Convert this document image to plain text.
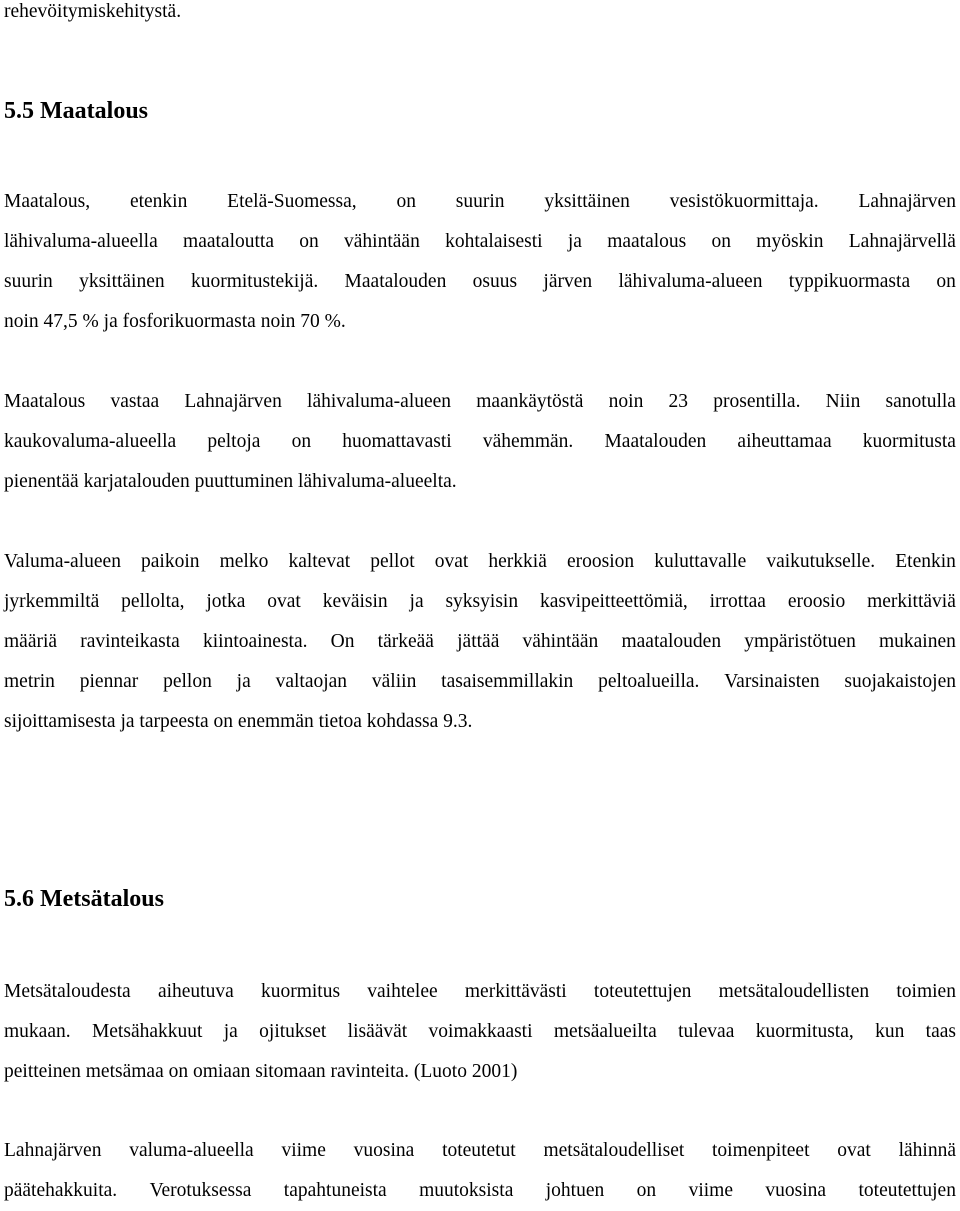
rehevöitymiskehitystä.
5.5 Maatalous
Maatalous, etenkin Etelä-Suomessa, on suurin yksittäinen vesistökuormittaja. Lahnajärven
lähivaluma-alueella maataloutta on vähintään kohtalaisesti ja maatalous on myöskin Lahnajärvellä
suurin yksittäinen kuormitustekijä. Maatalouden osuus järven lähivaluma-alueen typpikuormasta on
noin 47,5 % ja fosforikuormasta noin 70 %.
Maatalous vastaa Lahnajärven lähivaluma-alueen maankäytöstä noin 23 prosentilla. Niin sanotulla
kaukovaluma-alueella peltoja on huomattavasti vähemmän. Maatalouden aiheuttamaa kuormitusta
pienentää karjatalouden puuttuminen lähivaluma-alueelta.
Valuma-alueen paikoin melko kaltevat pellot ovat herkkiä eroosion kuluttavalle vaikutukselle. Etenkin
jyrkemmiltä pellolta, jotka ovat keväisin ja syksyisin kasvipeitteettömiä, irrottaa eroosio merkittäviä
määriä ravinteikasta kiintoainesta. On tärkeää jättää vähintään maatalouden ympäristötuen mukainen
metrin piennar pellon ja valtaojan väliin tasaisemmillakin peltoalueilla. Varsinaisten suojakaistojen
sijoittamisesta ja tarpeesta on enemmän tietoa kohdassa 9.3.
5.6 Metsätalous
Metsätaloudesta aiheutuva kuormitus vaihtelee merkittävästi toteutettujen metsätaloudellisten toimien
mukaan. Metsähakkuut ja ojitukset lisäävät voimakkaasti metsäalueilta tulevaa kuormitusta, kun taas
peitteinen metsämaa on omiaan sitomaan ravinteita. (Luoto 2001)
Lahnajärven valuma-alueella viime vuosina toteutetut metsätaloudelliset toimenpiteet ovat lähinnä
päätehakkuita. Verotuksessa tapahtuneista muutoksista johtuen on viime vuosina toteutettujen
